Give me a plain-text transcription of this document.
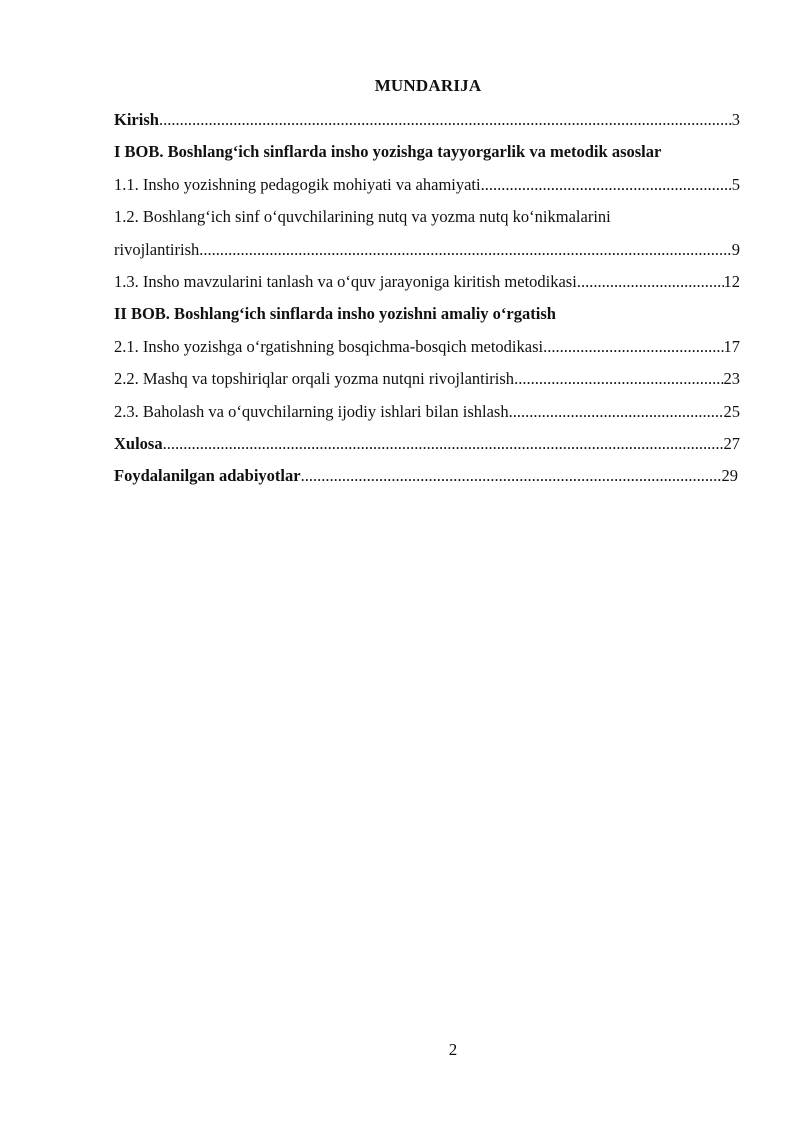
MUNDARIJA
Kirish .....	3
I BOB. Boshlang‘ich sinflarda insho yozishga tayyorgarlik va metodik asoslar
1.1. Insho yozishning pedagogik mohiyati va ahamiyati .....	5
1.2. Boshlang‘ich sinf o‘quvchilarining nutq va yozma nutq ko‘nikmalarini
rivojlantirish .....	9
1.3. Insho mavzularini tanlash va o‘quv jarayoniga kiritish metodikasi .....	12
II BOB. Boshlang‘ich sinflarda insho yozishni amaliy o‘rgatish
2.1. Insho yozishga o‘rgatishning bosqichma-bosqich metodikasi .....	17
2.2. Mashq va topshiriqlar orqali yozma nutqni rivojlantirish .....	23
2.3. Baholash va o‘quvchilarning ijodiy ishlari bilan ishlash .....	25
Xulosa .....	27
Foydalanilgan adabiyotlar .....	29
2
